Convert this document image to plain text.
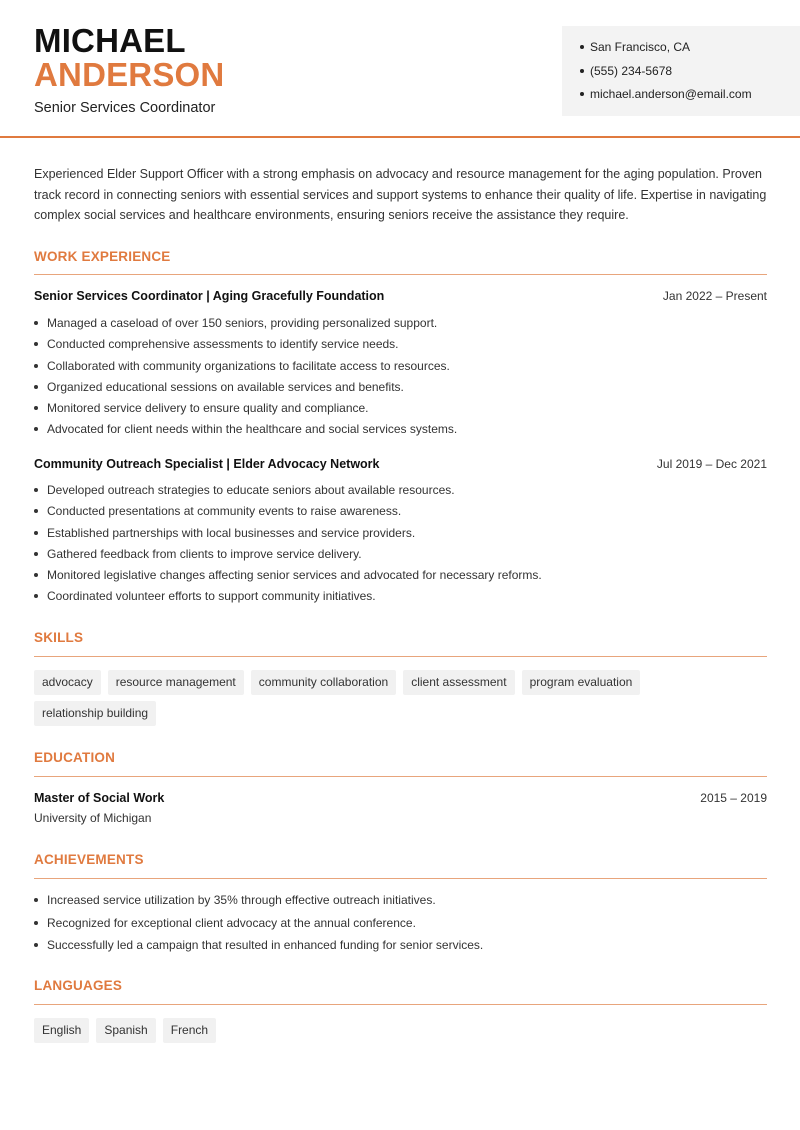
MICHAEL
ANDERSON
Senior Services Coordinator
San Francisco, CA
(555) 234-5678
michael.anderson@email.com
Experienced Elder Support Officer with a strong emphasis on advocacy and resource management for the aging population. Proven track record in connecting seniors with essential services and support systems to enhance their quality of life. Expertise in navigating complex social services and healthcare environments, ensuring seniors receive the assistance they require.
WORK EXPERIENCE
Senior Services Coordinator | Aging Gracefully Foundation	Jan 2022 – Present
Managed a caseload of over 150 seniors, providing personalized support.
Conducted comprehensive assessments to identify service needs.
Collaborated with community organizations to facilitate access to resources.
Organized educational sessions on available services and benefits.
Monitored service delivery to ensure quality and compliance.
Advocated for client needs within the healthcare and social services systems.
Community Outreach Specialist | Elder Advocacy Network	Jul 2019 – Dec 2021
Developed outreach strategies to educate seniors about available resources.
Conducted presentations at community events to raise awareness.
Established partnerships with local businesses and service providers.
Gathered feedback from clients to improve service delivery.
Monitored legislative changes affecting senior services and advocated for necessary reforms.
Coordinated volunteer efforts to support community initiatives.
SKILLS
advocacy	resource management	community collaboration	client assessment	program evaluation
relationship building
EDUCATION
Master of Social Work	2015 – 2019
University of Michigan
ACHIEVEMENTS
Increased service utilization by 35% through effective outreach initiatives.
Recognized for exceptional client advocacy at the annual conference.
Successfully led a campaign that resulted in enhanced funding for senior services.
LANGUAGES
English	Spanish	French
